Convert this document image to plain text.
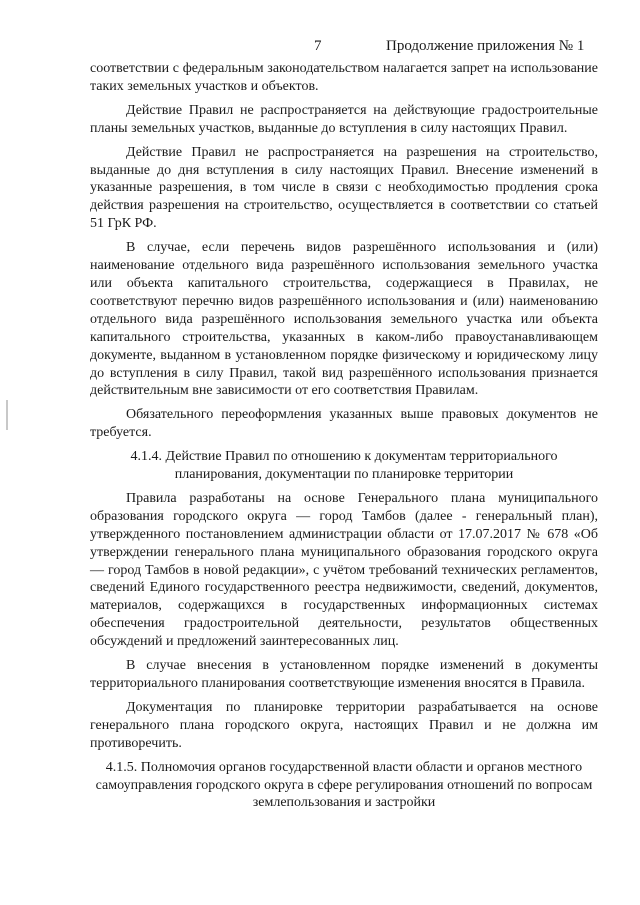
7	Продолжение приложения № 1

соответствии с федеральным законодательством налагается запрет на использование таких земельных участков и объектов.

Действие Правил не распространяется на действующие градостроительные планы земельных участков, выданные до вступления в силу настоящих Правил.

Действие Правил не распространяется на разрешения на строительство, выданные до дня вступления в силу настоящих Правил. Внесение изменений в указанные разрешения, в том числе в связи с необходимостью продления срока действия разрешения на строительство, осуществляется в соответствии со статьей 51 ГрК РФ.

В случае, если перечень видов разрешённого использования и (или) наименование отдельного вида разрешённого использования земельного участка или объекта капитального строительства, содержащиеся в Правилах, не соответствуют перечню видов разрешённого использования и (или) наименованию отдельного вида разрешённого использования земельного участка или объекта капитального строительства, указанных в каком-либо правоустанавливающем документе, выданном в установленном порядке физическому и юридическому лицу до вступления в силу Правил, такой вид разрешённого использования признается действительным вне зависимости от его соответствия Правилам.

Обязательного переоформления указанных выше правовых документов не требуется.

4.1.4. Действие Правил по отношению к документам территориального планирования, документации по планировке территории

Правила разработаны на основе Генерального плана муниципального образования городского округа — город Тамбов (далее - генеральный план), утвержденного постановлением администрации области от 17.07.2017 № 678 «Об утверждении генерального плана муниципального образования городского округа — город Тамбов в новой редакции», с учётом требований технических регламентов, сведений Единого государственного реестра недвижимости, сведений, документов, материалов, содержащихся в государственных информационных системах обеспечения градостроительной деятельности, результатов общественных обсуждений и предложений заинтересованных лиц.

В случае внесения в установленном порядке изменений в документы территориального планирования соответствующие изменения вносятся в Правила.

Документация по планировке территории разрабатывается на основе генерального плана городского округа, настоящих Правил и не должна им противоречить.

4.1.5. Полномочия органов государственной власти области и органов местного самоуправления городского округа в сфере регулирования отношений по вопросам землепользования и застройки
